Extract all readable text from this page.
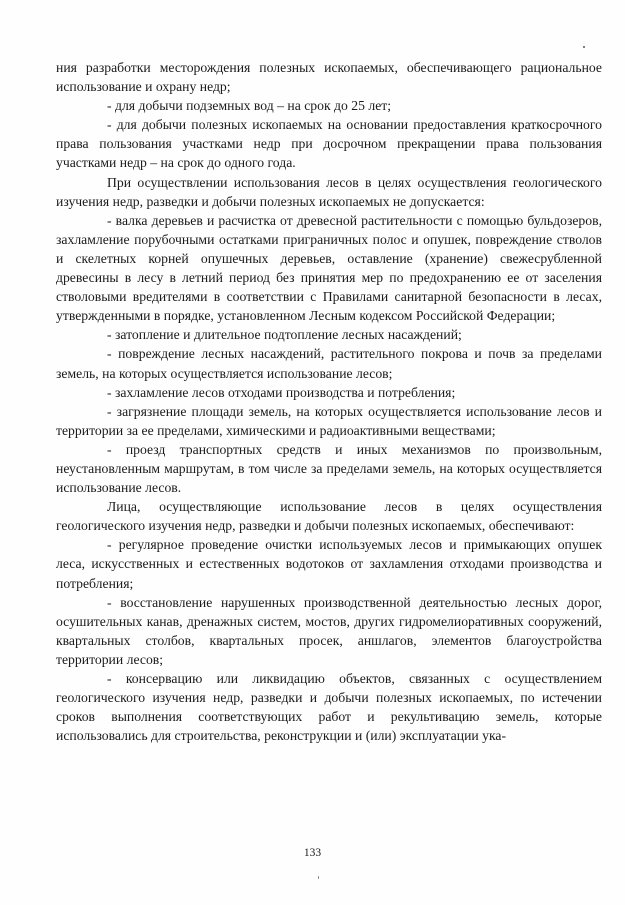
ния разработки месторождения полезных ископаемых, обеспечивающего рациональное использование и охрану недр;

- для добычи подземных вод – на срок до 25 лет;

- для добычи полезных ископаемых на основании предоставления краткосрочного права пользования участками недр при досрочном прекращении права пользования участками недр – на срок до одного года.

При осуществлении использования лесов в целях осуществления геологического изучения недр, разведки и добычи полезных ископаемых не допускается:

- валка деревьев и расчистка от древесной растительности с помощью бульдозеров, захламление порубочными остатками приграничных полос и опушек, повреждение стволов и скелетных корней опушечных деревьев, оставление (хранение) свежесрубленной древесины в лесу в летний период без принятия мер по предохранению ее от заселения стволовыми вредителями в соответствии с Правилами санитарной безопасности в лесах, утвержденными в порядке, установленном Лесным кодексом Российской Федерации;

- затопление и длительное подтопление лесных насаждений;

- повреждение лесных насаждений, растительного покрова и почв за пределами земель, на которых осуществляется использование лесов;

- захламление лесов отходами производства и потребления;

- загрязнение площади земель, на которых осуществляется использование лесов и территории за ее пределами, химическими и радиоактивными веществами;

- проезд транспортных средств и иных механизмов по произвольным, неустановленным маршрутам, в том числе за пределами земель, на которых осуществляется использование лесов.

Лица, осуществляющие использование лесов в целях осуществления геологического изучения недр, разведки и добычи полезных ископаемых, обеспечивают:

- регулярное проведение очистки используемых лесов и примыкающих опушек леса, искусственных и естественных водотоков от захламления отходами производства и потребления;

- восстановление нарушенных производственной деятельностью лесных дорог, осушительных канав, дренажных систем, мостов, других гидромелиоративных сооружений, квартальных столбов, квартальных просек, аншлагов, элементов благоустройства территории лесов;

- консервацию или ликвидацию объектов, связанных с осуществлением геологического изучения недр, разведки и добычи полезных ископаемых, по истечении сроков выполнения соответствующих работ и рекультивацию земель, которые использовались для строительства, реконструкции и (или) эксплуатации ука-

133
